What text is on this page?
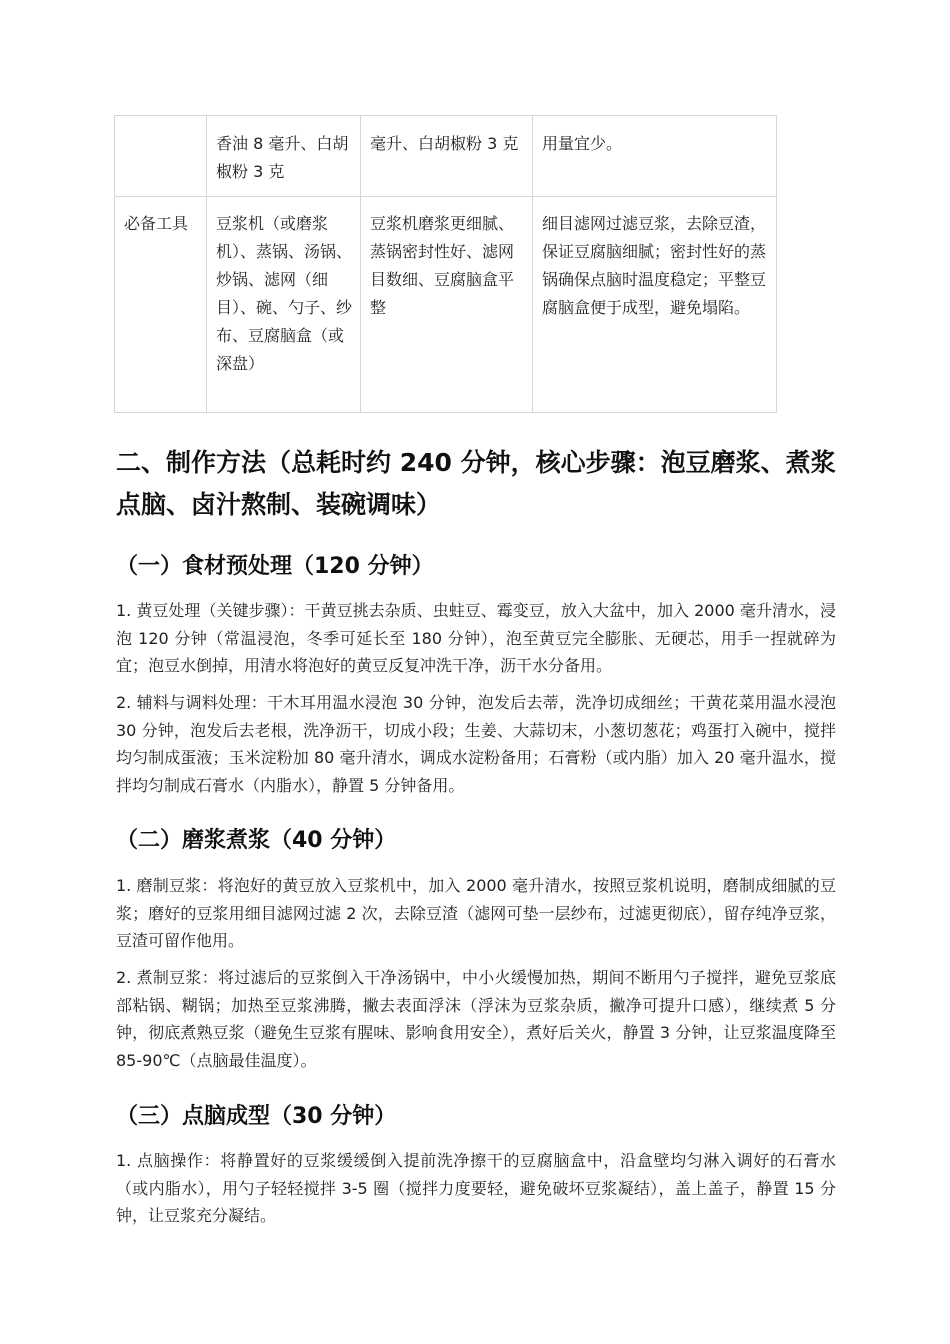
	香油 8 毫升、白胡椒粉 3 克	毫升、白胡椒粉 3 克	用量宜少。
必备工具	豆浆机（或磨浆机）、蒸锅、汤锅、炒锅、滤网（细目）、碗、勺子、纱布、豆腐脑盒（或深盘）	豆浆机磨浆更细腻、蒸锅密封性好、滤网目数细、豆腐脑盒平整	细目滤网过滤豆浆，去除豆渣，保证豆腐脑细腻；密封性好的蒸锅确保点脑时温度稳定；平整豆腐脑盒便于成型，避免塌陷。
二、制作方法（总耗时约 240 分钟，核心步骤：泡豆磨浆、煮浆点脑、卤汁熬制、装碗调味）
（一）食材预处理（120 分钟）

1. 黄豆处理（关键步骤）：干黄豆挑去杂质、虫蛀豆、霉变豆，放入大盆中，加入 2000 毫升清水，浸泡 120 分钟（常温浸泡，冬季可延长至 180 分钟），泡至黄豆完全膨胀、无硬芯，用手一捏就碎为宜；泡豆水倒掉，用清水将泡好的黄豆反复冲洗干净，沥干水分备用。

2. 辅料与调料处理：干木耳用温水浸泡 30 分钟，泡发后去蒂，洗净切成细丝；干黄花菜用温水浸泡 30 分钟，泡发后去老根，洗净沥干，切成小段；生姜、大蒜切末，小葱切葱花；鸡蛋打入碗中，搅拌均匀制成蛋液；玉米淀粉加 80 毫升清水，调成水淀粉备用；石膏粉（或内脂）加入 20 毫升温水，搅拌均匀制成石膏水（内脂水），静置 5 分钟备用。

（二）磨浆煮浆（40 分钟）

1. 磨制豆浆：将泡好的黄豆放入豆浆机中，加入 2000 毫升清水，按照豆浆机说明，磨制成细腻的豆浆；磨好的豆浆用细目滤网过滤 2 次，去除豆渣（滤网可垫一层纱布，过滤更彻底），留存纯净豆浆，豆渣可留作他用。

2. 煮制豆浆：将过滤后的豆浆倒入干净汤锅中，中小火缓慢加热，期间不断用勺子搅拌，避免豆浆底部粘锅、糊锅；加热至豆浆沸腾，撇去表面浮沫（浮沫为豆浆杂质，撇净可提升口感），继续煮 5 分钟，彻底煮熟豆浆（避免生豆浆有腥味、影响食用安全），煮好后关火，静置 3 分钟，让豆浆温度降至 85-90℃（点脑最佳温度）。

（三）点脑成型（30 分钟）

1. 点脑操作：将静置好的豆浆缓缓倒入提前洗净擦干的豆腐脑盒中，沿盒壁均匀淋入调好的石膏水（或内脂水），用勺子轻轻搅拌 3-5 圈（搅拌力度要轻，避免破坏豆浆凝结），盖上盖子，静置 15 分钟，让豆浆充分凝结。
